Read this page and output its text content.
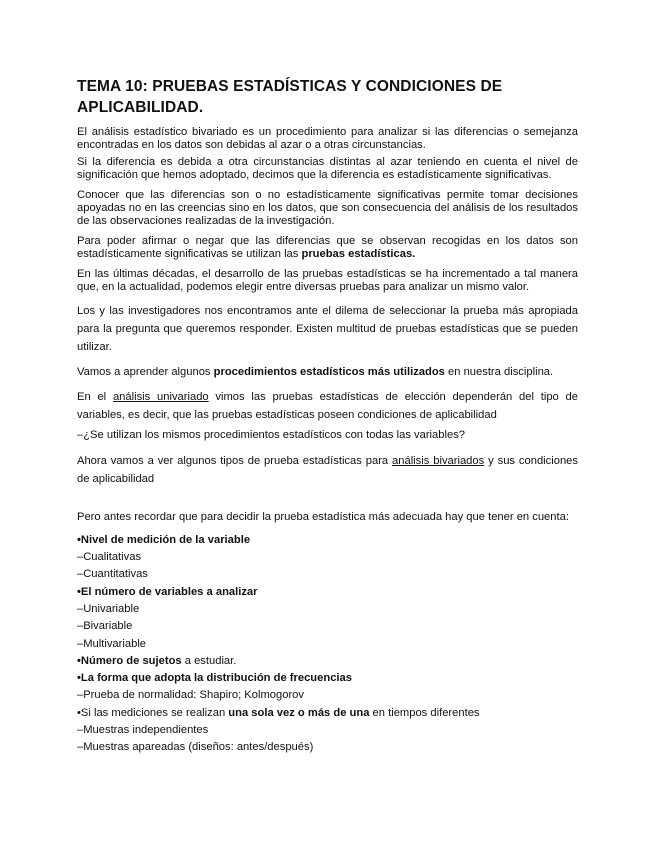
TEMA 10: PRUEBAS ESTADÍSTICAS Y CONDICIONES DE
APLICABILIDAD.

El análisis estadístico bivariado es un procedimiento para analizar si las diferencias o semejanza encontradas en los datos son debidas al azar o a otras circunstancias.

Si la diferencia es debida a otra circunstancias distintas al azar teniendo en cuenta el nivel de significación que hemos adoptado, decimos que la diferencia es estadísticamente significativas.

Conocer que las diferencias son o no estadísticamente significativas permite tomar decisiones apoyadas no en las creencias sino en los datos, que son consecuencia del análisis de los resultados de las observaciones realizadas de la investigación.

Para poder afirmar o negar que las diferencias que se observan recogidas en los datos son estadísticamente significativas se utilizan las pruebas estadísticas.

En las últimas décadas, el desarrollo de las pruebas estadísticas se ha incrementado a tal manera que, en la actualidad, podemos elegir entre diversas pruebas para analizar un mismo valor.

Los y las investigadores nos encontramos ante el dilema de seleccionar la prueba más apropiada para la pregunta que queremos responder. Existen multitud de pruebas estadísticas que se pueden utilizar.

Vamos a aprender algunos procedimientos estadísticos más utilizados en nuestra disciplina.

En el análisis univariado vimos las pruebas estadísticas de elección dependerán del tipo de variables, es decir, que las pruebas estadísticas poseen condiciones de aplicabilidad

–¿Se utilizan los mismos procedimientos estadísticos con todas las variables?

Ahora vamos a ver algunos tipos de prueba estadísticas para análisis bivariados y sus condiciones de aplicabilidad

Pero antes recordar que para decidir la prueba estadística más adecuada hay que tener en cuenta:

•Nivel de medición de la variable
–Cualitativas
–Cuantitativas
•El número de variables a analizar
–Univariable
–Bivariable
–Multivariable
•Número de sujetos a estudiar.
•La forma que adopta la distribución de frecuencias
–Prueba de normalidad: Shapiro; Kolmogorov
•Si las mediciones se realizan una sola vez o más de una en tiempos diferentes
–Muestras independientes
–Muestras apareadas (diseños: antes/después)
